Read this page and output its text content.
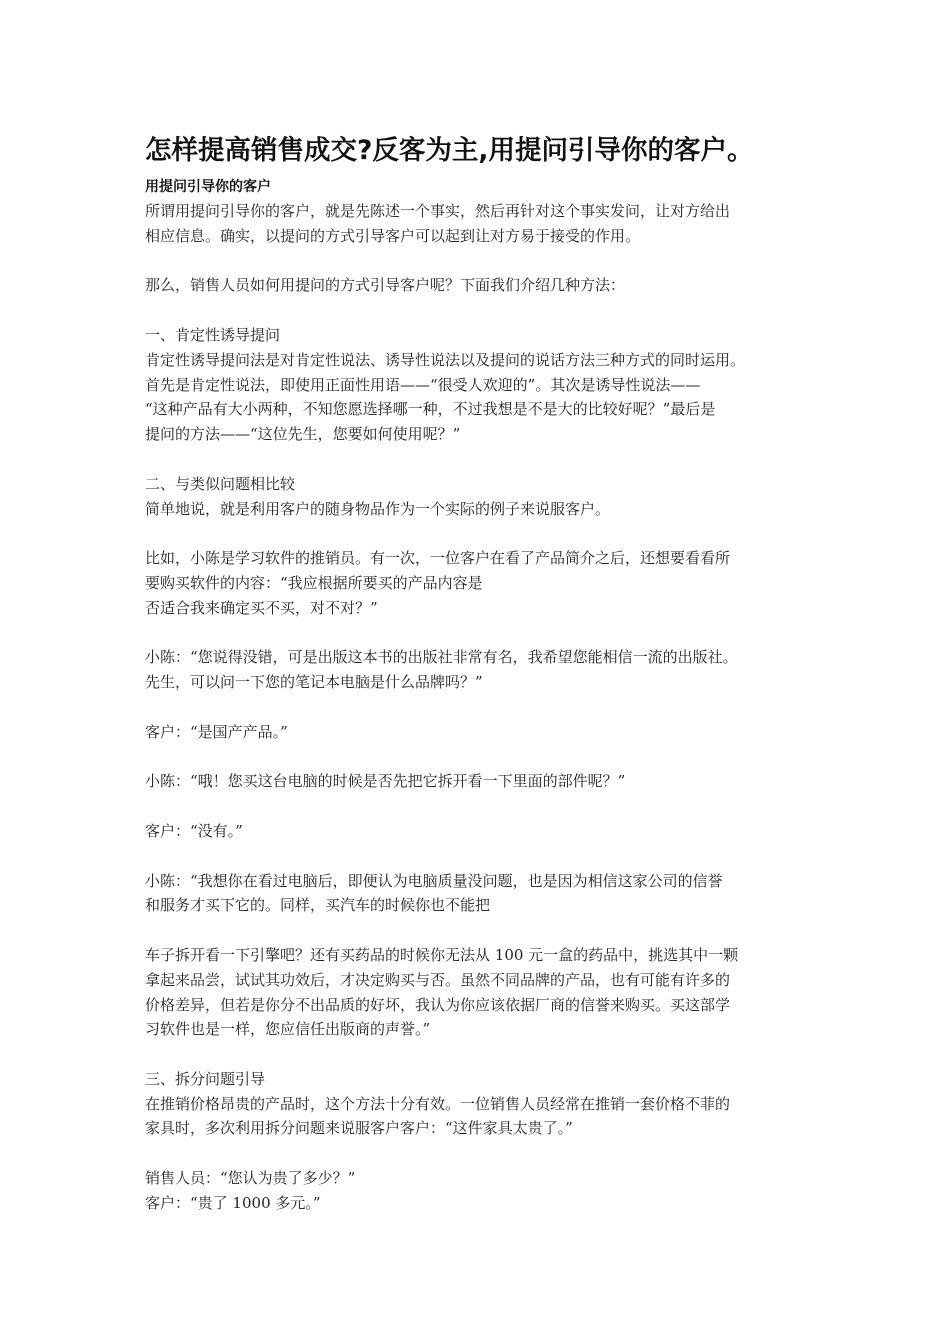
怎样提高销售成交?反客为主,用提问引导你的客户。
用提问引导你的客户
所谓用提问引导你的客户，就是先陈述一个事实，然后再针对这个事实发问，让对方给出
相应信息。确实，以提问的方式引导客户可以起到让对方易于接受的作用。
那么，销售人员如何用提问的方式引导客户呢？下面我们介绍几种方法：
一、肯定性诱导提问
肯定性诱导提问法是对肯定性说法、诱导性说法以及提问的说话方法三种方式的同时运用。
首先是肯定性说法，即使用正面性用语——“很受人欢迎的”。其次是诱导性说法——
“这种产品有大小两种，不知您愿选择哪一种，不过我想是不是大的比较好呢？”最后是
提问的方法——“这位先生，您要如何使用呢？”
二、与类似问题相比较
简单地说，就是利用客户的随身物品作为一个实际的例子来说服客户。
比如，小陈是学习软件的推销员。有一次，一位客户在看了产品简介之后，还想要看看所
要购买软件的内容：“我应根据所要买的产品内容是
否适合我来确定买不买，对不对？”
小陈：“您说得没错，可是出版这本书的出版社非常有名，我希望您能相信一流的出版社。
先生，可以问一下您的笔记本电脑是什么品牌吗？”
客户：“是国产产品。”
小陈：“哦！您买这台电脑的时候是否先把它拆开看一下里面的部件呢？”
客户：“没有。”
小陈：“我想你在看过电脑后，即便认为电脑质量没问题，也是因为相信这家公司的信誉
和服务才买下它的。同样，买汽车的时候你也不能把
车子拆开看一下引擎吧？还有买药品的时候你无法从 100 元一盒的药品中，挑选其中一颗
拿起来品尝，试试其功效后，才决定购买与否。虽然不同品牌的产品，也有可能有许多的
价格差异，但若是你分不出品质的好坏，我认为你应该依据厂商的信誉来购买。买这部学
习软件也是一样，您应信任出版商的声誉。”
三、拆分问题引导
在推销价格昂贵的产品时，这个方法十分有效。一位销售人员经常在推销一套价格不菲的
家具时，多次利用拆分问题来说服客户客户：“这件家具太贵了。”
销售人员：“您认为贵了多少？”
客户：“贵了 1000 多元。”
